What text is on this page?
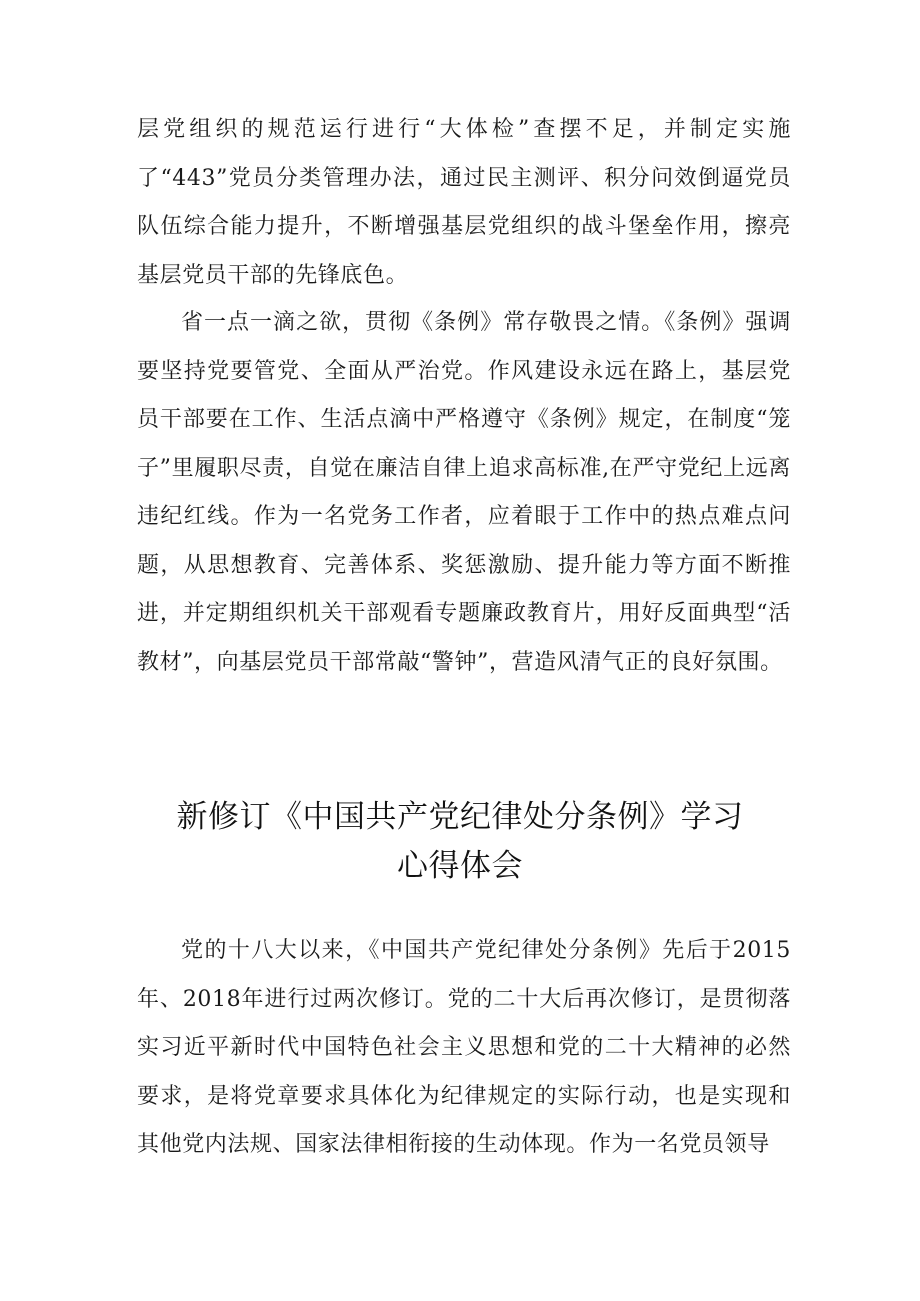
层党组织的规范运行进行“大体检”查摆不足，并制定实施了“443”党员分类管理办法，通过民主测评、积分问效倒逼党员队伍综合能力提升，不断增强基层党组织的战斗堡垒作用，擦亮基层党员干部的先锋底色。

省一点一滴之欲，贯彻《条例》常存敬畏之情。《条例》强调要坚持党要管党、全面从严治党。作风建设永远在路上，基层党员干部要在工作、生活点滴中严格遵守《条例》规定，在制度“笼子”里履职尽责，自觉在廉洁自律上追求高标准,在严守党纪上远离违纪红线。作为一名党务工作者，应着眼于工作中的热点难点问题，从思想教育、完善体系、奖惩激励、提升能力等方面不断推进，并定期组织机关干部观看专题廉政教育片，用好反面典型“活教材”，向基层党员干部常敲“警钟”，营造风清气正的良好氛围。

新修订《中国共产党纪律处分条例》学习
心得体会

党的十八大以来，《中国共产党纪律处分条例》先后于2015年、2018年进行过两次修订。党的二十大后再次修订，是贯彻落实习近平新时代中国特色社会主义思想和党的二十大精神的必然要求，是将党章要求具体化为纪律规定的实际行动，也是实现和其他党内法规、国家法律相衔接的生动体现。作为一名党员领导
